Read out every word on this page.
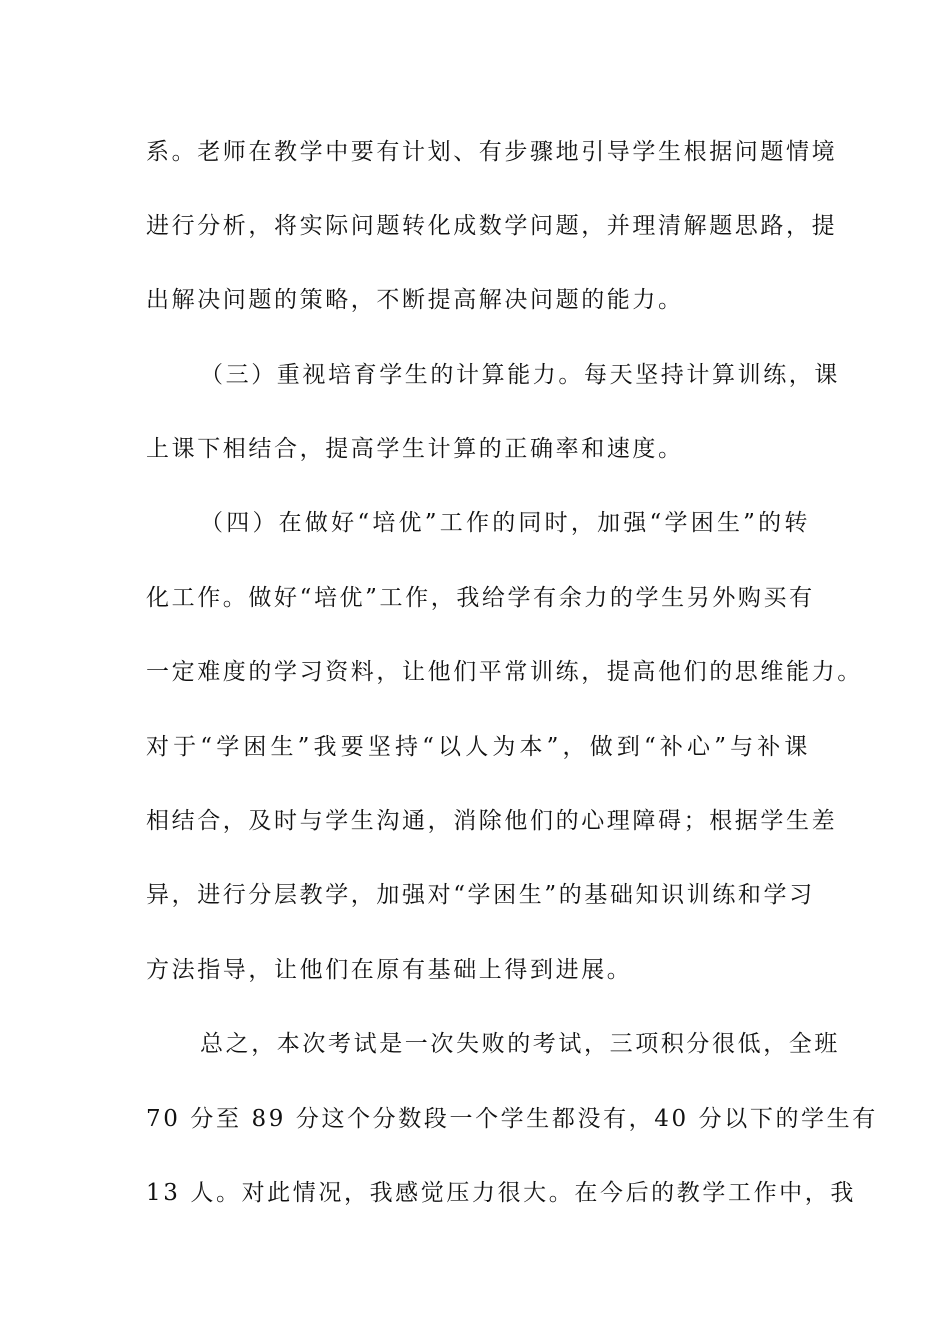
系。老师在教学中要有计划、有步骤地引导学生根据问题情境
进行分析，将实际问题转化成数学问题，并理清解题思路，提
出解决问题的策略，不断提高解决问题的能力。
（三）重视培育学生的计算能力。每天坚持计算训练，课
上课下相结合，提高学生计算的正确率和速度。
（四）在做好“培优”工作的同时，加强“学困生”的转
化工作。做好“培优”工作，我给学有余力的学生另外购买有
一定难度的学习资料，让他们平常训练，提高他们的思维能力。
对于“学困生”我要坚持“以人为本”，做到“补心”与补课
相结合，及时与学生沟通，消除他们的心理障碍；根据学生差
异，进行分层教学，加强对“学困生”的基础知识训练和学习
方法指导，让他们在原有基础上得到进展。
总之，本次考试是一次失败的考试，三项积分很低，全班
70 分至 89 分这个分数段一个学生都没有，40 分以下的学生有
13 人。对此情况，我感觉压力很大。在今后的教学工作中，我
